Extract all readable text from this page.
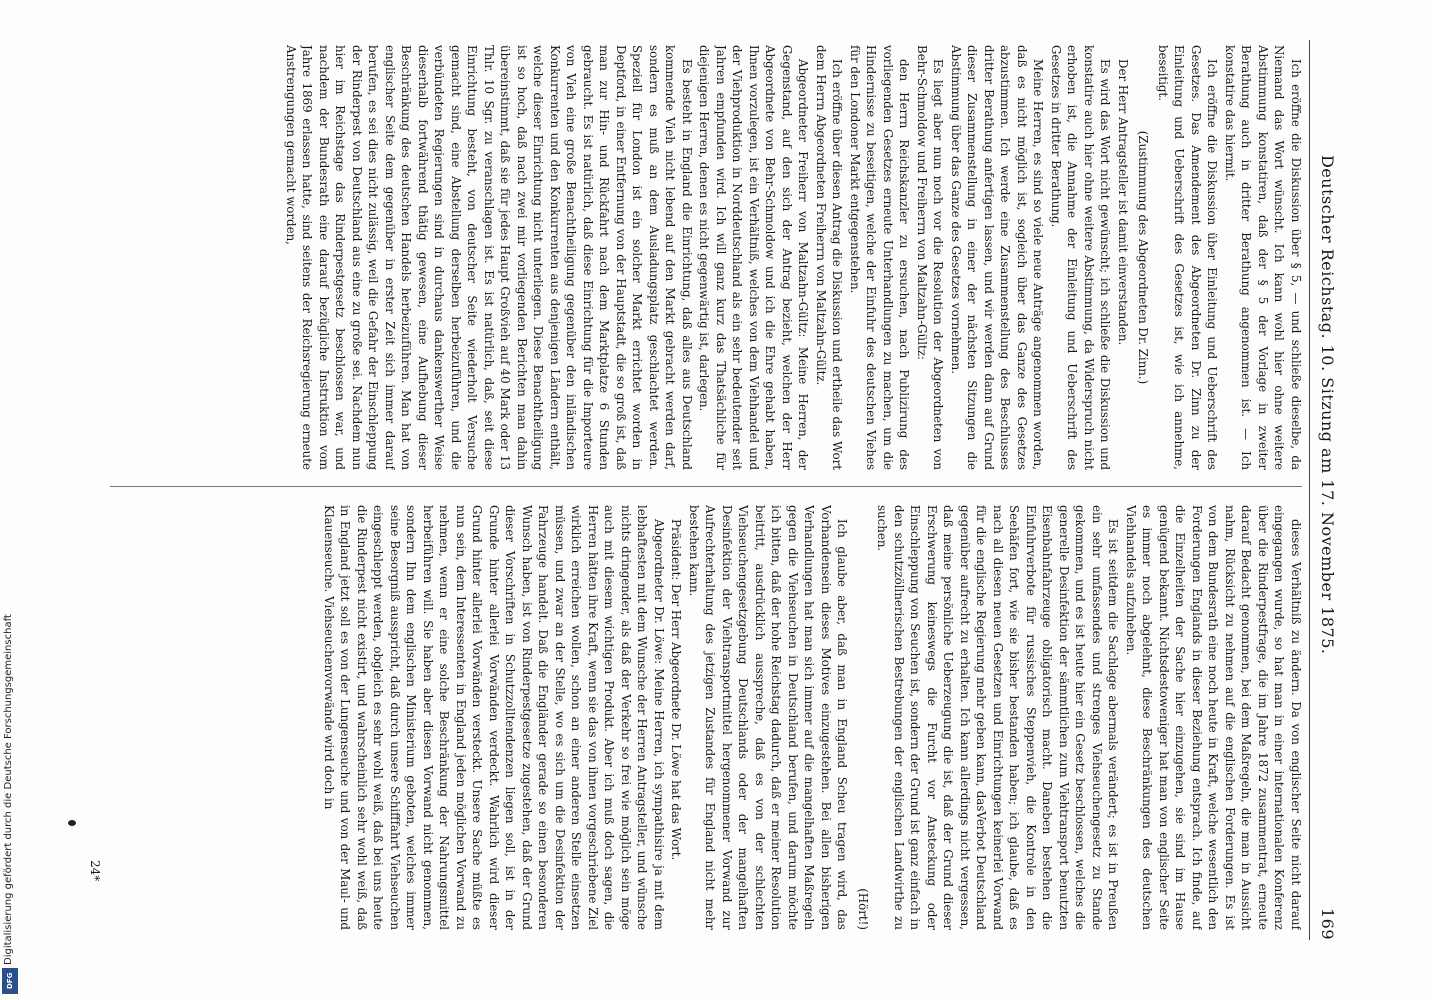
Digitalisierung gefördert durch die Deutsche Forschungsgemeinschaft
DFG
Deutscher Reichstag. 10. Sitzung am 17. November 1875.
169

Ich eröffne die Diskussion über § 5, — und schließe dieselbe, da Niemand das Wort wünscht. Ich kann wohl hier ohne weitere Abstimmung konstatiren, daß der § 5 der Vorlage in zweiter Berathung auch in dritter Berathung angenommen ist. — Ich konstatire das hiermit.

Ich eröffne die Diskussion über Einleitung und Ueberschrift des Gesetzes. Das Amendement des Abgeordneten Dr. Zinn zu der Einleitung und Ueberschrift des Gesetzes ist, wie ich annehme, beseitigt.

(Zustimmung des Abgeordneten Dr. Zinn.)

Der Herr Antragsteller ist damit einverstanden.

Es wird das Wort nicht gewünscht; ich schließe die Diskussion und konstatire auch hier ohne weitere Abstimmung, da Widerspruch nicht erhoben ist, die Annahme der Einleitung und Ueberschrift des Gesetzes in dritter Berathung.

Meine Herren, es sind so viele neue Anträge angenommen worden, daß es nicht möglich ist, sogleich über das Ganze des Gesetzes abzustimmen. Ich werde eine Zusammenstellung des Beschlusses dritter Berathung anfertigen lassen, und wir werden dann auf Grund dieser Zusammenstellung in einer der nächsten Sitzungen die Abstimmung über das Ganze des Gesetzes vornehmen.

Es liegt aber nun noch vor die Resolution der Abgeordneten von Behr-Schmoldow und Freiherrn von Maltzahn-Gültz:

den Herrn Reichskanzler zu ersuchen, nach Publizirung des vorliegenden Gesetzes erneute Unterhandlungen zu machen, um die Hindernisse zu beseitigen, welche der Einfuhr des deutschen Viehes für den Londoner Markt entgegenstehen.

Ich eröffne über diesen Antrag die Diskussion und ertheile das Wort dem Herrn Abgeordneten Freiherrn von Maltzahn-Gültz.

Abgeordneter Freiherr von Maltzahn-Gültz: Meine Herren, der Gegenstand, auf den sich der Antrag bezieht, welchen der Herr Abgeordnete von Behr-Schmoldow und ich die Ehre gehabt haben, Ihnen vorzulegen, ist ein Verhältniß, welches von dem Viehhandel und der Viehproduktion in Norddeutschland als ein sehr bedeutender seit Jahren empfunden wird. Ich will ganz kurz das Thatsächliche für diejenigen Herren, denen es nicht gegenwärtig ist, darlegen.

Es besteht in England die Einrichtung, daß alles aus Deutschland kommende Vieh nicht lebend auf den Markt gebracht werden darf, sondern es muß an dem Ausladungsplatz geschlachtet werden. Speziell für London ist ein solcher Markt errichtet worden in Deptford, in einer Entfernung von der Hauptstadt, die so groß ist, daß man zur Hin- und Rückfahrt nach dem Marktplatze 6 Stunden gebraucht. Es ist natürlich, daß diese Einrichtung für die Importeure von Vieh eine große Benachtheiligung gegenüber den inländischen Konkurrenten und den Konkurrenten aus denjenigen Ländern enthält, welche dieser Einrichtung nicht unterliegen. Diese Benachtheiligung ist so hoch, daß nach zwei mir vorliegenden Berichten man dahin übereinstimmt, daß sie für jedes Haupt Großvieh auf 40 Mark oder 13 Thlr. 10 Sgr. zu veranschlagen ist. Es ist natürlich, daß, seit diese Einrichtung besteht, von deutscher Seite wiederholt Versuche gemacht sind, eine Abstellung derselben herbeizuführen, und die verbündeten Regierungen sind in durchaus dankenswerther Weise dieserhalb fortwährend thätig gewesen, eine Aufhebung dieser Beschränkung des deutschen Handels herbeizuführen. Man hat von englischer Seite dem gegenüber in erster Zeit sich immer darauf berufen, es sei dies nicht zulässig, weil die Gefahr der Einschleppung der Rinderpest von Deutschland aus eine zu große sei. Nachdem nun hier im Reichstage das Rinderpestgesetz beschlossen war, und nachdem der Bundesrath eine darauf bezügliche Instruktion vom Jahre 1869 erlassen hatte, sind seitens der Reichsregierung erneute Anstrengungen gemacht worden,

dieses Verhältniß zu ändern. Da von englischer Seite nicht darauf eingegangen wurde, so hat man in einer internationalen Konferenz über die Rinderpestfrage, die im Jahre 1872 zusammentrat, erneute darauf Bedacht genommen, bei dem Maßregeln, die man in Aussicht nahm, Rücksicht zu nehmen auf die englischen Forderungen. Es ist von dem Bundesrath eine noch heute in Kraft, welche wesentlich den Forderungen Englands in dieser Beziehung entsprach. Ich finde, auf die Einzelheiten der Sache hier einzugehen, sie sind im Hause genügend bekannt. Nichtsdestoweniger hat man von englischer Seite es immer noch abgelehnt, diese Beschränkungen des deutschen Viehhandels aufzuheben.

Es ist seitdem die Sachlage abermals verändert; es ist in Preußen ein sehr umfassendes und strenges Viehseuchengesetz zu Stande gekommen, und es ist heute hier ein Gesetz beschlossen, welches die generelle Desinfektion der sämmtlichen zum Viehtransport benutzten Eisenbahnfahrzeuge obligatorisch macht. Daneben bestehen die Einfuhrverbote für russisches Steppenvieh, die Kontrole in den Seehäfen fort, wie sie bisher bestanden haben; ich glaube, daß es nach all diesen neuen Gesetzen und Einrichtungen keinerlei Vorwand für die englische Regierung mehr geben kann, dasVerbot Deutschland gegenüber aufrecht zu erhalten. Ich kann allerdings nicht vergessen, daß meine persönliche Ueberzeugung die ist, daß der Grund dieser Erschwerung keineswegs die Furcht vor Ansteckung oder Einschleppung von Seuchen ist, sondern der Grund ist ganz einfach in den schutzzöllnerischen Bestrebungen der englischen Landwirthe zu suchen.

(Hört!)

Ich glaube aber, daß man in England Scheu tragen wird, das Vorhandensein dieses Motives einzugestehen. Bei allen bisherigen Verhandlungen hat man sich immer auf die mangelhaften Maßregeln gegen die Viehseuchen in Deutschland berufen, und darum möchte ich bitten, daß der hohe Reichstag dadurch, daß er meiner Resolution beitritt, ausdrücklich ausspreche, daß es von der schlechten Viehseuchengesetzgebung Deutschlands oder der mangelhaften Desinfektion der Viehtransportmittel hergenommener Vorwand zur Aufrechterhaltung des jetzigen Zustandes für England nicht mehr bestehen kann.

Präsident: Der Herr Abgeordnete Dr. Löwe hat das Wort.

Abgeordneter Dr. Löwe: Meine Herren, ich sympathisire ja mit dem lebhaftesten mit dem Wunsche der Herren Antragsteller, und wünsche nichts dringender, als daß der Verkehr so frei wie möglich sein möge auch mit diesem wichtigen Produkt. Aber ich muß doch sagen, die Herren hätten ihre Kraft, wenn sie das von ihnen vorgeschriebene Ziel wirklich erreichen wollen, schon an einer anderen Stelle einsetzen müssen, und zwar an der Stelle, wo es sich um die Desinfektion der Fahrzeuge handelt. Daß die Engländer gerade so einen besonderen Wunsch haben, ist von Rinderpestgesetze zugestehen, daß der Grund dieser Vorschriften in Schutzzolltendenzen liegen soll, ist in der Grunde hinter allerlei Vorwänden verdeckt. Wahrlich wird dieser Grund hinter allerlei Vorwänden versteckt. Unsere Sache müßte es nun sein, dem Interessenten in England jeden möglichen Vorwand zu nehmen, wenn er eine solche Beschränkung der Nahrungsmittel herbeiführen will. Sie haben aber diesen Vorwand nicht genommen, sondern Ihn dem englischen Ministerium geboten, welches immer seine Besorgniß ausspricht, daß durch unsere Schifffahrt Viehseuchen eingeschleppt werden, obgleich es sehr wohl weiß, daß bei uns heute die Rinderpest nicht existirt, und wahrscheinlich sehr wohl weiß, daß in England jetzt soll es von der Lungenseuche und von der Maul- und Klauenseuche. Viehseuchenvorwände wird doch in

24*
